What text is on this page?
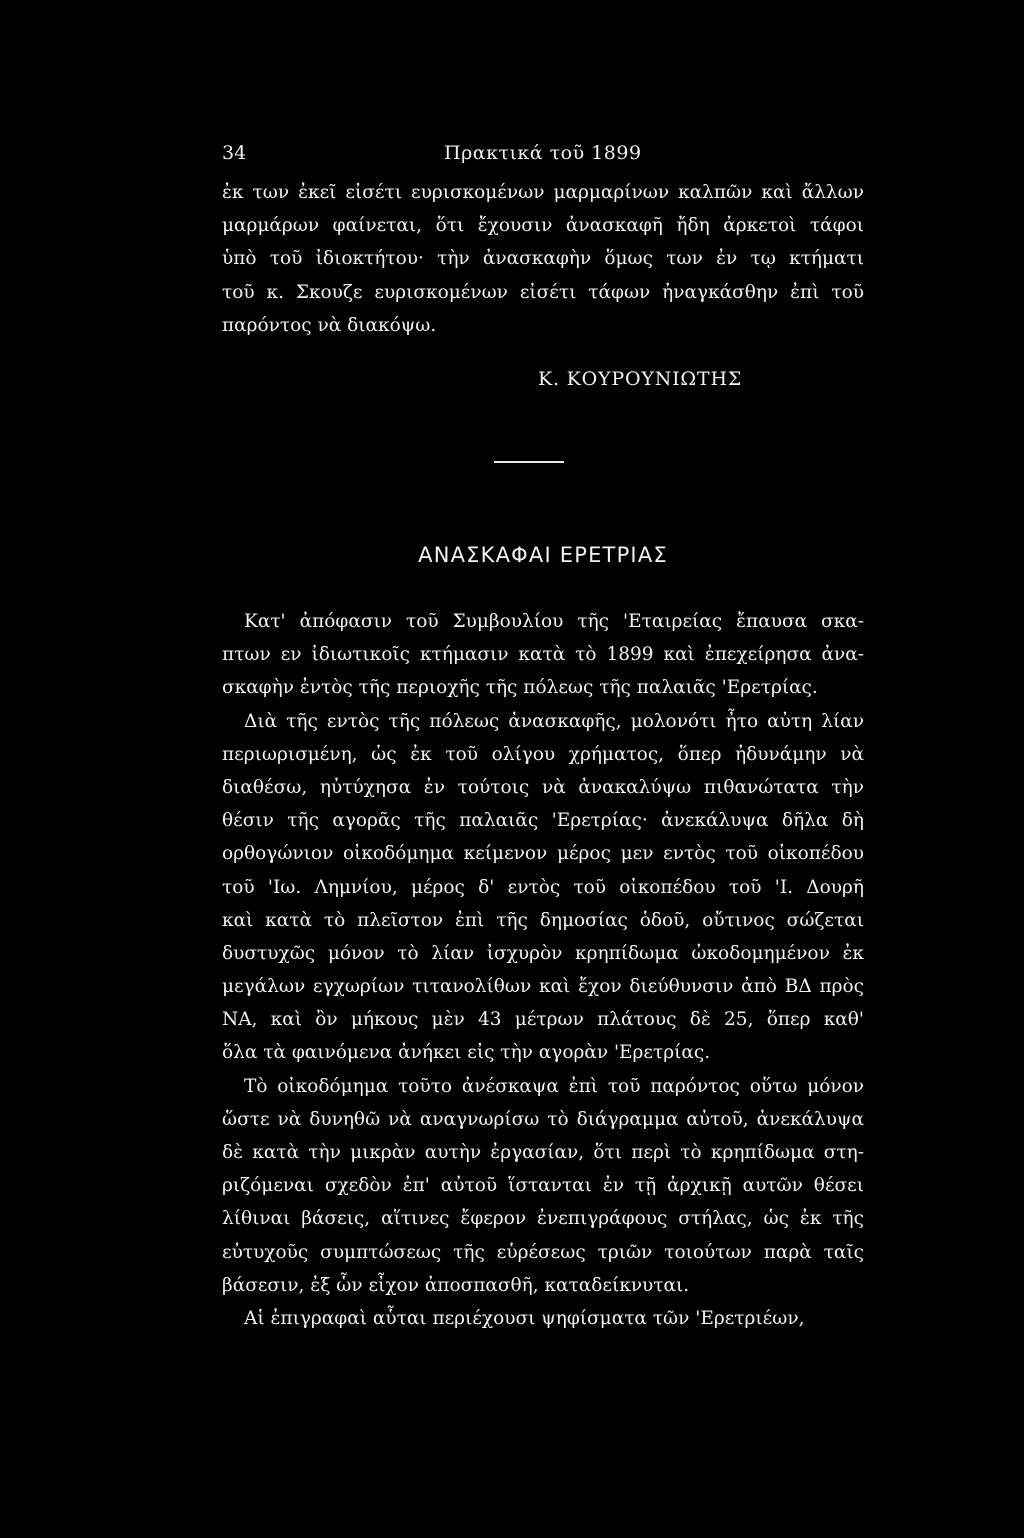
34	Πρακτικά τοῦ 1899
ἐκ των ἐκεῖ εἰσέτι ευρισκομένων μαρμαρίνων καλπῶν καὶ ἄλλων
μαρμάρων φαίνεται, ὅτι ἔχουσιν ἀνασκαφῆ ἤδη ἀρκετοὶ τάφοι
ὑπὸ τοῦ ἰδιοκτήτου· τὴν ἀνασκαφὴν ὅμως των ἐν τῳ κτήματι
τοῦ κ. Σκουζε ευρισκομένων εἰσέτι τάφων ἠναγκάσθην ἐπὶ τοῦ
παρόντος νὰ διακόψω.
Κ. ΚΟΥΡΟΥΝΙΩΤΗΣ
ΑΝΑΣΚΑΦΑΙ ΕΡΕΤΡΙΑΣ
Κατ' ἀπόφασιν τοῦ Συμβουλίου τῆς 'Εταιρείας ἔπαυσα σκα-
πτων εν ἰδιωτικοῖς κτήμασιν κατὰ τὸ 1899 καὶ ἐπεχείρησα ἀνα-
σκαφὴν ἐντὸς τῆς περιοχῆς τῆς πόλεως τῆς παλαιᾶς 'Ερετρίας.
Διὰ τῆς εντὸς τῆς πόλεως ἀνασκαφῆς, μολονότι ἦτο αὐτη λίαν
περιωρισμένη, ὡς ἐκ τοῦ ολίγου χρήματος, ὅπερ ἠδυνάμην νὰ
διαθέσω, ηὐτύχησα ἐν τούτοις νὰ ἀνακαλύψω πιθανώτατα τὴν
θέσιν τῆς αγορᾶς τῆς παλαιᾶς 'Ερετρίας· ἀνεκάλυψα δῆλα δὴ
ορθογώνιον οἰκοδόμημα κείμενον μέρος μεν εντὸς τοῦ οἰκοπέδου
τοῦ 'Ιω. Λημνίου, μέρος δ' εντὸς τοῦ οἰκοπέδου τοῦ 'Ι. Δουρῆ
καὶ κατὰ τὸ πλεῖστον ἐπὶ τῆς δημοσίας ὁδοῦ, οὔτινος σώζεται
δυστυχῶς μόνον τὸ λίαν ἰσχυρὸν κρηπίδωμα ὠκοδομημένον ἐκ
μεγάλων εγχωρίων τιτανολίθων καὶ ἔχον διεύθυνσιν ἀπὸ ΒΔ πρὸς
ΝΑ, καὶ ὂν μήκους μὲν 43 μέτρων πλάτους δὲ 25, ὅπερ καθ'
ὅλα τὰ φαινόμενα ἀνήκει εἰς τὴν αγορὰν 'Ερετρίας.
Τὸ οἰκοδόμημα τοῦτο ἀνέσκαψα ἐπὶ τοῦ παρόντος οὕτω μόνον
ὥστε νὰ δυνηθῶ νὰ αναγνωρίσω τὸ διάγραμμα αὐτοῦ, ἀνεκάλυψα
δὲ κατὰ τὴν μικρὰν αυτὴν ἐργασίαν, ὅτι περὶ τὸ κρηπίδωμα στη-
ριζόμεναι σχεδὸν ἐπ' αὐτοῦ ἵστανται ἐν τῇ ἀρχικῇ αυτῶν θέσει
λίθιναι βάσεις, αἵτινες ἔφερον ἐνεπιγράφους στήλας, ὡς ἐκ τῆς
εὐτυχοῦς συμπτώσεως τῆς εὑρέσεως τριῶν τοιούτων παρὰ ταῖς
βάσεσιν, ἐξ ὧν εἶχον ἀποσπασθῆ, καταδείκνυται.
Αἱ ἐπιγραφαὶ αὗται περιέχουσι ψηφίσματα τῶν 'Ερετριέων,
